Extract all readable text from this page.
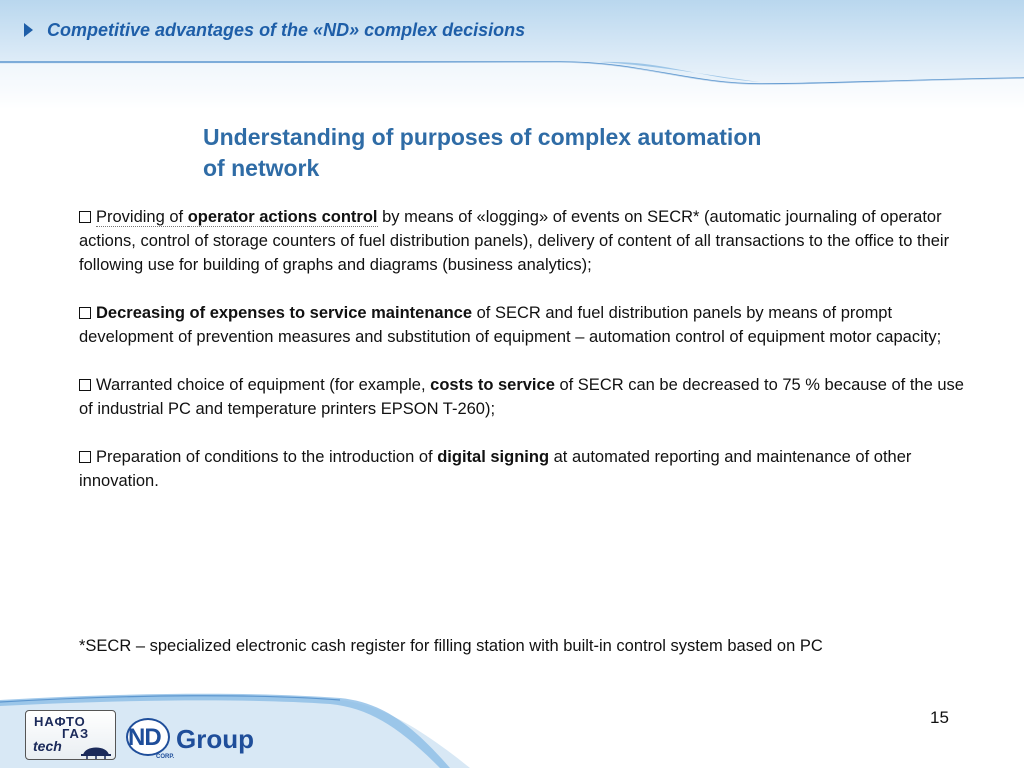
Competitive advantages of the «ND» complex decisions
Understanding of purposes of complex automation
of network

Providing of operator actions control by means of «logging» of events on SECR* (automatic journaling of operator actions, control of storage counters of fuel distribution panels), delivery of content of all transactions to the office to their following use for building of graphs and diagrams (business analytics);

Decreasing of expenses to service maintenance of SECR and fuel distribution panels by means of prompt development of prevention measures and substitution of equipment – automation control of equipment motor capacity;

Warranted choice of equipment (for example, costs to service of SECR can be decreased to 75 % because of the use of industrial PC and temperature printers EPSON T-260);

Preparation of conditions to the introduction of digital signing at automated reporting and maintenance of other innovation.

*SECR – specialized electronic cash register for filling station with built-in control system based on PC
15
НАФТО
ГАЗ
tech	ND Group
CORP.
